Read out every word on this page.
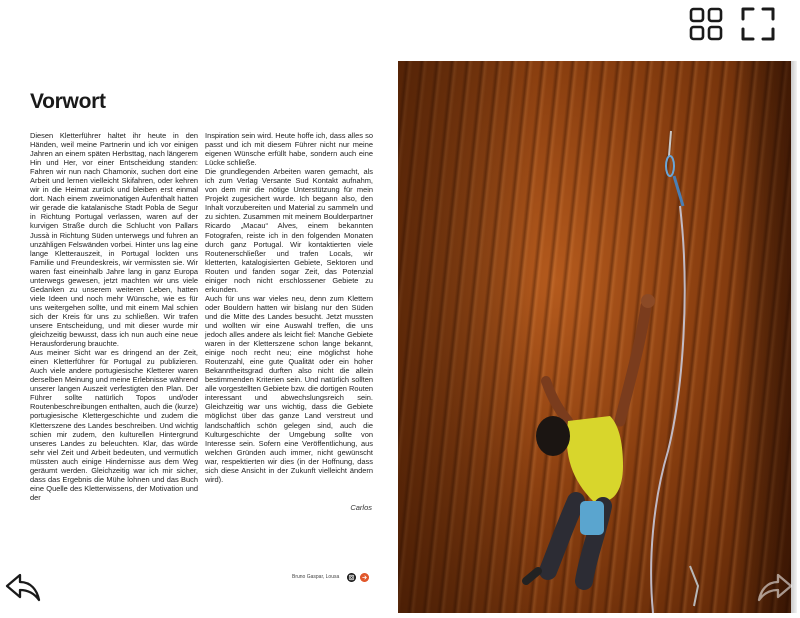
Vorwort

Diesen Kletterführer haltet ihr heute in den Händen, weil meine Partnerin und ich vor einigen Jahren an einem späten Herbsttag, nach längerem Hin und Her, vor einer Entscheidung standen: Fahren wir nun nach Chamonix, suchen dort eine Arbeit und lernen vielleicht Skifahren, oder kehren wir in die Heimat zurück und bleiben erst einmal dort. Nach einem zweimonatigen Aufenthalt hatten wir gerade die katalanische Stadt Pobla de Segur in Richtung Portugal verlassen, waren auf der kurvigen Straße durch die Schlucht von Pallars Jussà in Richtung Süden unterwegs und fuhren an unzähligen Felswänden vorbei. Hinter uns lag eine lange Kletterauszeit, in Portugal lockten uns Familie und Freundeskreis, wir vermissten sie. Wir waren fast eineinhalb Jahre lang in ganz Europa unterwegs gewesen, jetzt machten wir uns viele Gedanken zu unserem weiteren Leben, hatten viele Ideen und noch mehr Wünsche, wie es für uns weitergehen sollte, und mit einem Mal schien sich der Kreis für uns zu schließen. Wir trafen unsere Entscheidung, und mit dieser wurde mir gleichzeitig bewusst, dass ich nun auch eine neue Herausforderung brauchte.

Aus meiner Sicht war es dringend an der Zeit, einen Kletterführer für Portugal zu publizieren. Auch viele andere portugiesische Kletterer waren derselben Meinung und meine Erlebnisse während unserer langen Auszeit verfestigten den Plan. Der Führer sollte natürlich Topos und/oder Routenbeschreibungen enthalten, auch die (kurze) portugiesische Klettergeschichte und zudem die Kletterszene des Landes beschreiben. Und wichtig schien mir zudem, den kulturellen Hintergrund unseres Landes zu beleuchten. Klar, das würde sehr viel Zeit und Arbeit bedeuten, und vermutlich müssten auch einige Hindernisse aus dem Weg geräumt werden. Gleichzeitig war ich mir sicher, dass das Ergebnis die Mühe lohnen und das Buch eine Quelle des Kletterwissens, der Motivation und der

Inspiration sein wird. Heute hoffe ich, dass alles so passt und ich mit diesem Führer nicht nur meine eigenen Wünsche erfüllt habe, sondern auch eine Lücke schließe.

Die grundlegenden Arbeiten waren gemacht, als ich zum Verlag Versante Sud Kontakt aufnahm, von dem mir die nötige Unterstützung für mein Projekt zugesichert wurde. Ich begann also, den Inhalt vorzubereiten und Material zu sammeln und zu sichten. Zusammen mit meinem Boulderpartner Ricardo „Macau“ Alves, einem bekannten Fotografen, reiste ich in den folgenden Monaten durch ganz Portugal. Wir kontaktierten viele Routenerschließer und trafen Locals, wir kletterten, katalogisierten Gebiete, Sektoren und Routen und fanden sogar Zeit, das Potenzial einiger noch nicht erschlossener Gebiete zu erkunden.

Auch für uns war vieles neu, denn zum Klettern oder Bouldern hatten wir bislang nur den Süden und die Mitte des Landes besucht. Jetzt mussten und wollten wir eine Auswahl treffen, die uns jedoch alles andere als leicht fiel: Manche Gebiete waren in der Kletterszene schon lange bekannt, einige noch recht neu; eine möglichst hohe Routenzahl, eine gute Qualität oder ein hoher Bekanntheitsgrad durften also nicht die allein bestimmenden Kriterien sein. Und natürlich sollten alle vorgestellten Gebiete bzw. die dortigen Routen interessant und abwechslungsreich sein. Gleichzeitig war uns wichtig, dass die Gebiete möglichst über das ganze Land verstreut und landschaftlich schön gelegen sind, auch die Kulturgeschichte der Umgebung sollte von Interesse sein. Sofern eine Veröffentlichung, aus welchen Gründen auch immer, nicht gewünscht war, respektierten wir dies (in der Hoffnung, dass sich diese Ansicht in der Zukunft vielleicht ändern wird).

Carlos
Bruno Gaspar, Lousa
